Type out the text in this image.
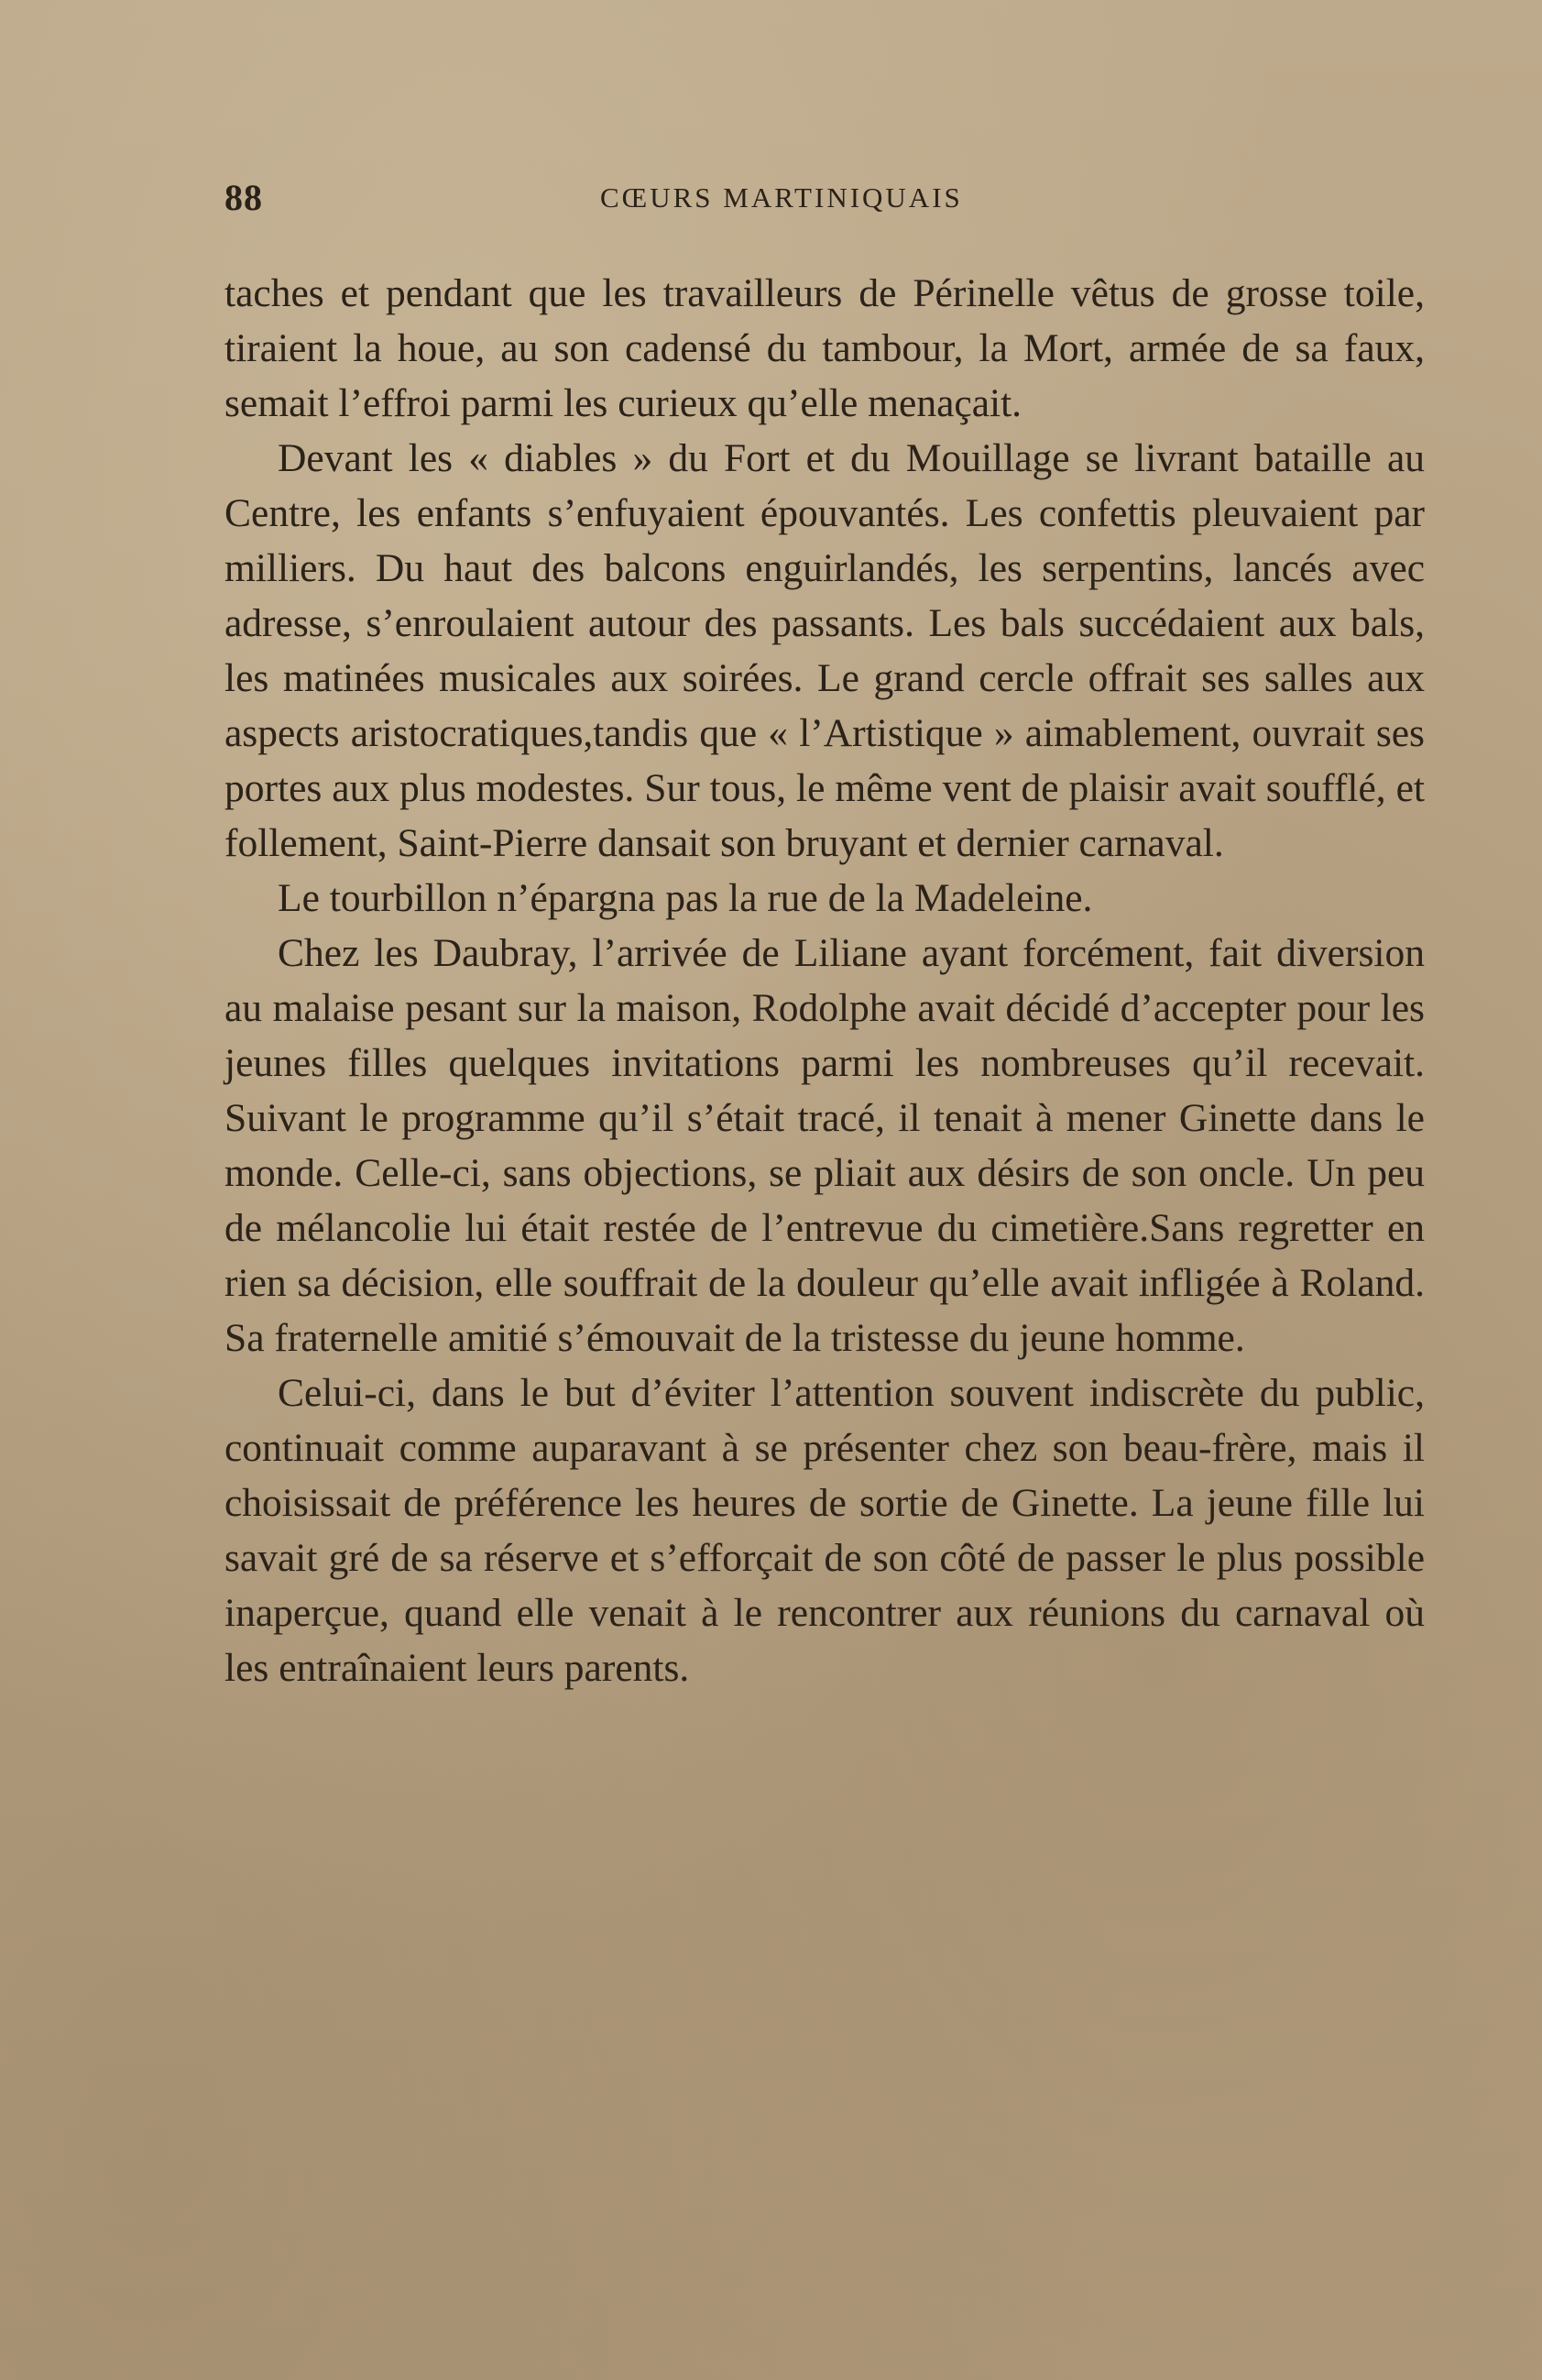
88	CŒURS MARTINIQUAIS

taches et pendant que les travailleurs de Périnelle vêtus de grosse toile, tiraient la houe, au son cadensé du tambour, la Mort, armée de sa faux, semait l’effroi parmi les curieux qu’elle menaçait.

Devant les « diables » du Fort et du Mouillage se livrant bataille au Centre, les enfants s’enfuyaient épouvantés. Les confettis pleuvaient par milliers. Du haut des balcons enguirlandés, les serpentins, lancés avec adresse, s’enroulaient autour des passants. Les bals succédaient aux bals, les matinées musicales aux soirées. Le grand cercle offrait ses salles aux aspects aristocratiques,tandis que « l’Artistique » aimablement, ouvrait ses portes aux plus modestes. Sur tous, le même vent de plaisir avait soufflé, et follement, Saint-Pierre dansait son bruyant et dernier carnaval.

Le tourbillon n’épargna pas la rue de la Madeleine.

Chez les Daubray, l’arrivée de Liliane ayant forcément, fait diversion au malaise pesant sur la maison, Rodolphe avait décidé d’accepter pour les jeunes filles quelques invitations parmi les nombreuses qu’il recevait. Suivant le programme qu’il s’était tracé, il tenait à mener Ginette dans le monde. Celle-ci, sans objections, se pliait aux désirs de son oncle. Un peu de mélancolie lui était restée de l’entrevue du cimetière.Sans regretter en rien sa décision, elle souffrait de la douleur qu’elle avait infligée à Roland. Sa fraternelle amitié s’émouvait de la tristesse du jeune homme.

Celui-ci, dans le but d’éviter l’attention souvent indiscrète du public, continuait comme auparavant à se présenter chez son beau-frère, mais il choisissait de préférence les heures de sortie de Ginette. La jeune fille lui savait gré de sa réserve et s’efforçait de son côté de passer le plus possible inaperçue, quand elle venait à le rencontrer aux réunions du carnaval où les entraînaient leurs parents.
